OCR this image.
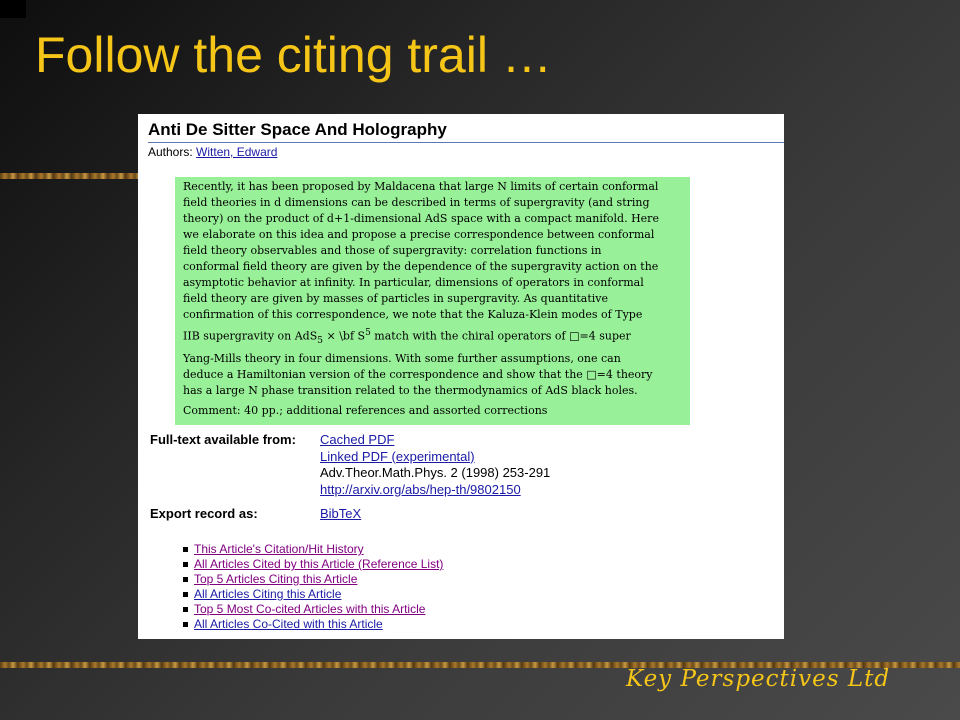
Follow the citing trail …
Anti De Sitter Space And Holography
Authors: Witten, Edward
Recently, it has been proposed by Maldacena that large N limits of certain conformal
field theories in d dimensions can be described in terms of supergravity (and string
theory) on the product of d+1-dimensional AdS space with a compact manifold. Here
we elaborate on this idea and propose a precise correspondence between conformal
field theory observables and those of supergravity: correlation functions in
conformal field theory are given by the dependence of the supergravity action on the
asymptotic behavior at infinity. In particular, dimensions of operators in conformal
field theory are given by masses of particles in supergravity. As quantitative
confirmation of this correspondence, we note that the Kaluza-Klein modes of Type
IIB supergravity on AdS$_5$ × \bf $S^5$ match with the chiral operators of □=4 super
Yang-Mills theory in four dimensions. With some further assumptions, one can
deduce a Hamiltonian version of the correspondence and show that the □=4 theory
has a large N phase transition related to the thermodynamics of AdS black holes.
Comment: 40 pp.; additional references and assorted corrections
Full-text available from: Cached PDF
Linked PDF (experimental)
Adv.Theor.Math.Phys. 2 (1998) 253-291
http://arxiv.org/abs/hep-th/9802150
Export record as:	BibTeX
This Article's Citation/Hit History
All Articles Cited by this Article (Reference List)
Top 5 Articles Citing this Article
All Articles Citing this Article
Top 5 Most Co-cited Articles with this Article
All Articles Co-Cited with this Article
Key Perspectives Ltd
